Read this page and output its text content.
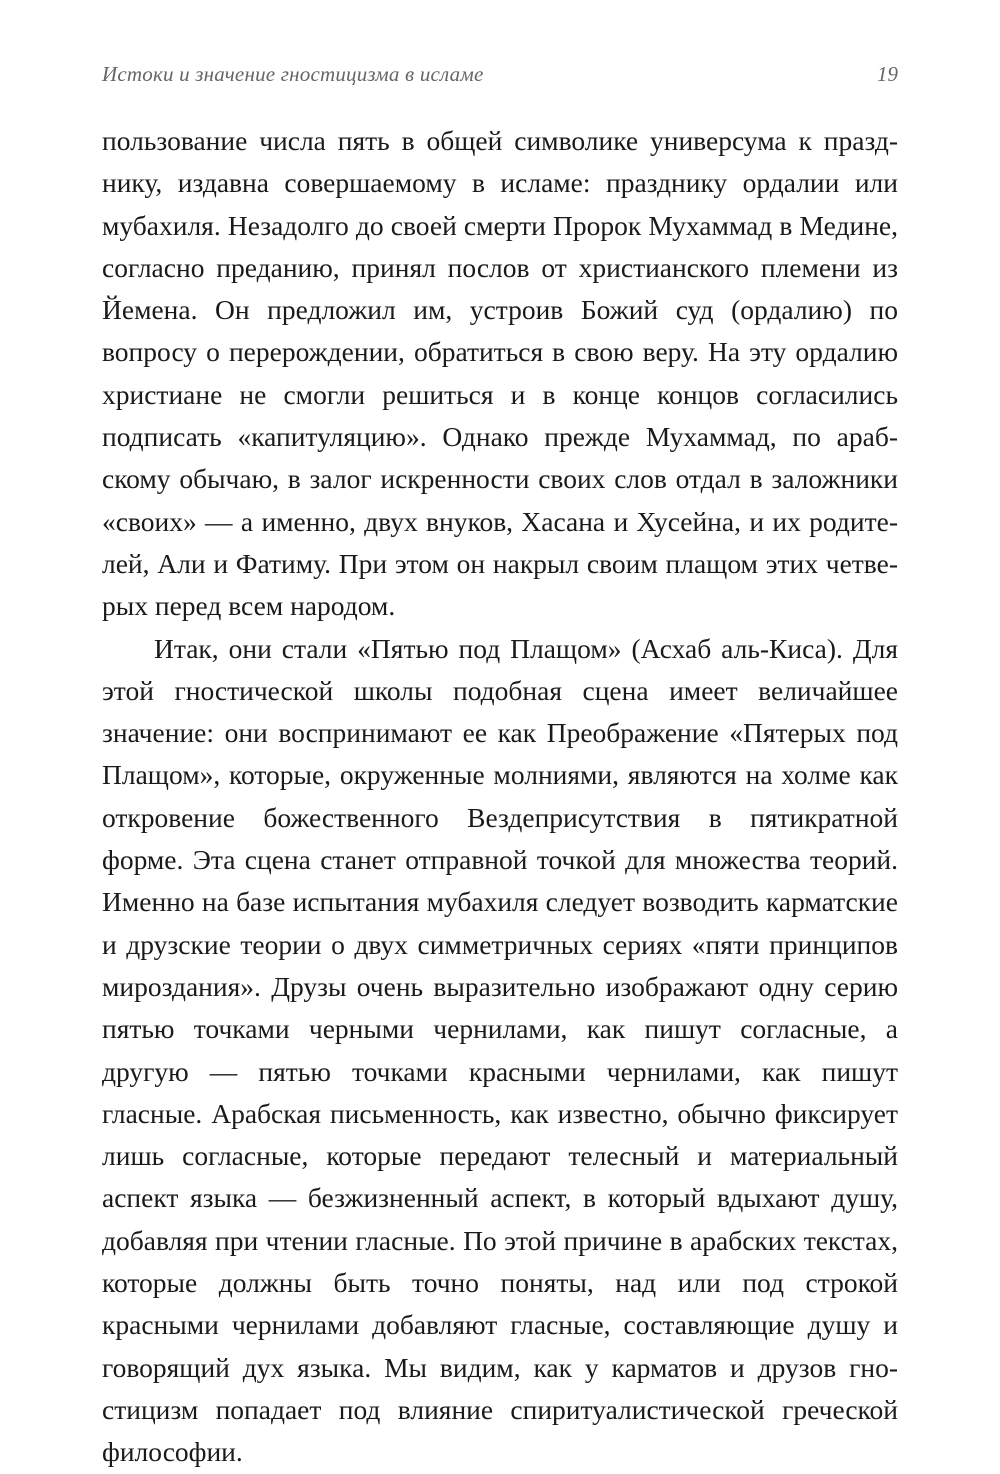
Истоки и значение гностицизма в исламе	19

пользование числа пять в общей символике универсума к празднику, издавна совершаемому в исламе: празднику ордалии или мубахиля. Незадолго до своей смерти Пророк Мухаммад в Медине, согласно преданию, принял послов от христианского племени из Йемена. Он предложил им, устроив Божий суд (ордалию) по вопросу о перерождении, обратиться в свою веру. На эту ордалию христиане не смогли решиться и в конце концов согласились подписать «капитуляцию». Однако прежде Мухаммад, по арабскому обычаю, в залог искренности своих слов отдал в заложники «своих» — а именно, двух внуков, Хасана и Хусейна, и их родителей, Али и Фатиму. При этом он накрыл своим плащом этих четверых перед всем народом.

Итак, они стали «Пятью под Плащом» (Асхаб аль-Киса). Для этой гностической школы подобная сцена имеет величайшее значение: они воспринимают ее как Преображение «Пятерых под Плащом», которые, окруженные молниями, являются на холме как откровение божественного Вездеприсутствия в пятикратной форме. Эта сцена станет отправной точкой для множества теорий. Именно на базе испытания мубахиля следует возводить карматские и друзские теории о двух симметричных сериях «пяти принципов мироздания». Друзы очень выразительно изображают одну серию пятью точками черными чернилами, как пишут согласные, а другую — пятью точками красными чернилами, как пишут гласные. Арабская письменность, как известно, обычно фиксирует лишь согласные, которые передают телесный и материальный аспект языка — безжизненный аспект, в который вдыхают душу, добавляя при чтении гласные. По этой причине в арабских текстах, которые должны быть точно поняты, над или под строкой красными чернилами добавляют гласные, составляющие душу и говорящий дух языка. Мы видим, как у карматов и друзов гностицизм попадает под влияние спиритуалистической греческой философии.
